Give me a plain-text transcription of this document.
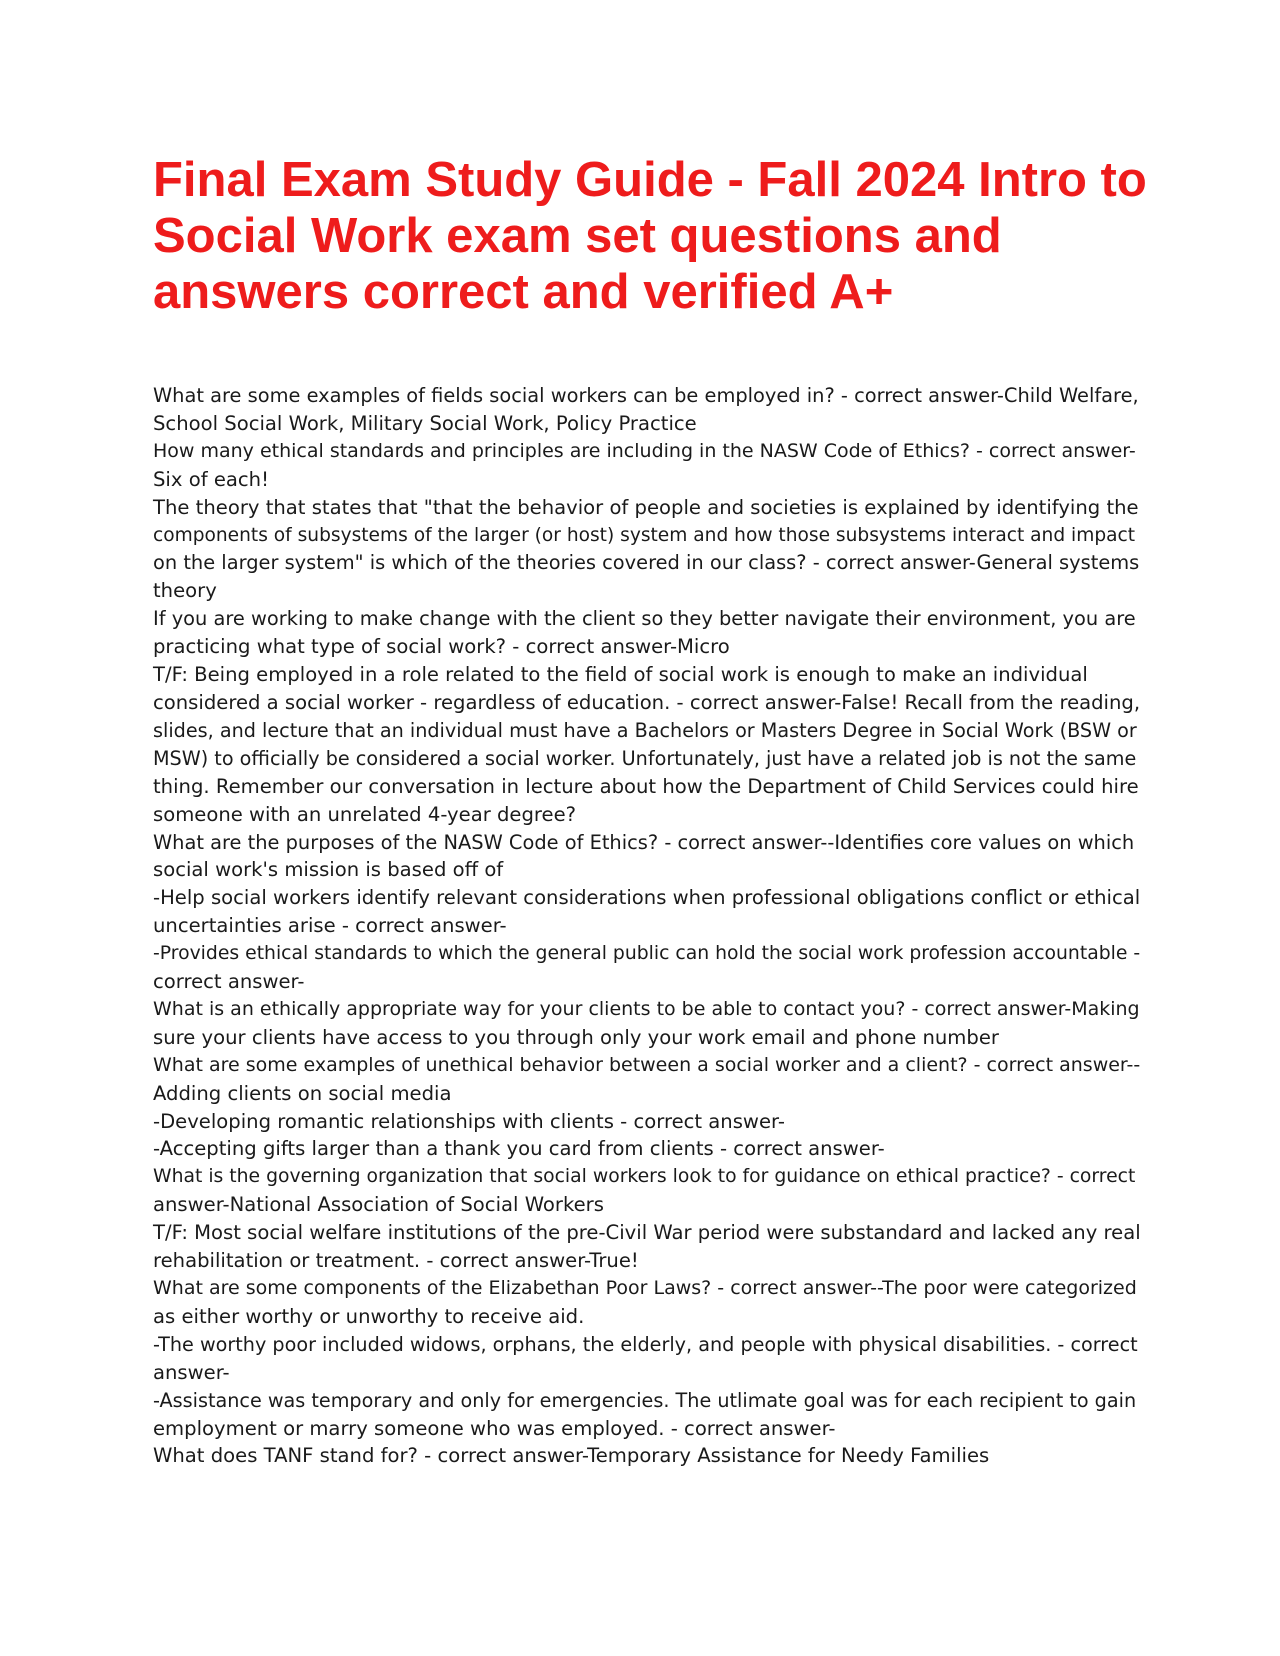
Final Exam Study Guide - Fall 2024 Intro to Social Work exam set questions and answers correct and verified A+
What are some examples of fields social workers can be employed in? - correct answer-Child Welfare,
School Social Work, Military Social Work, Policy Practice
How many ethical standards and principles are including in the NASW Code of Ethics? - correct answer-
Six of each!
The theory that states that "that the behavior of people and societies is explained by identifying the
components of subsystems of the larger (or host) system and how those subsystems interact and impact
on the larger system" is which of the theories covered in our class? - correct answer-General systems
theory
If you are working to make change with the client so they better navigate their environment, you are
practicing what type of social work? - correct answer-Micro
T/F: Being employed in a role related to the field of social work is enough to make an individual
considered a social worker - regardless of education. - correct answer-False! Recall from the reading,
slides, and lecture that an individual must have a Bachelors or Masters Degree in Social Work (BSW or
MSW) to officially be considered a social worker. Unfortunately, just have a related job is not the same
thing. Remember our conversation in lecture about how the Department of Child Services could hire
someone with an unrelated 4-year degree?
What are the purposes of the NASW Code of Ethics? - correct answer--Identifies core values on which
social work's mission is based off of
-Help social workers identify relevant considerations when professional obligations conflict or ethical
uncertainties arise - correct answer-
-Provides ethical standards to which the general public can hold the social work profession accountable -
correct answer-
What is an ethically appropriate way for your clients to be able to contact you? - correct answer-Making
sure your clients have access to you through only your work email and phone number
What are some examples of unethical behavior between a social worker and a client? - correct answer--
Adding clients on social media
-Developing romantic relationships with clients - correct answer-
-Accepting gifts larger than a thank you card from clients - correct answer-
What is the governing organization that social workers look to for guidance on ethical practice? - correct
answer-National Association of Social Workers
T/F: Most social welfare institutions of the pre-Civil War period were substandard and lacked any real
rehabilitation or treatment. - correct answer-True!
What are some components of the Elizabethan Poor Laws? - correct answer--The poor were categorized
as either worthy or unworthy to receive aid.
-The worthy poor included widows, orphans, the elderly, and people with physical disabilities. - correct
answer-
-Assistance was temporary and only for emergencies. The utlimate goal was for each recipient to gain
employment or marry someone who was employed. - correct answer-
What does TANF stand for? - correct answer-Temporary Assistance for Needy Families
